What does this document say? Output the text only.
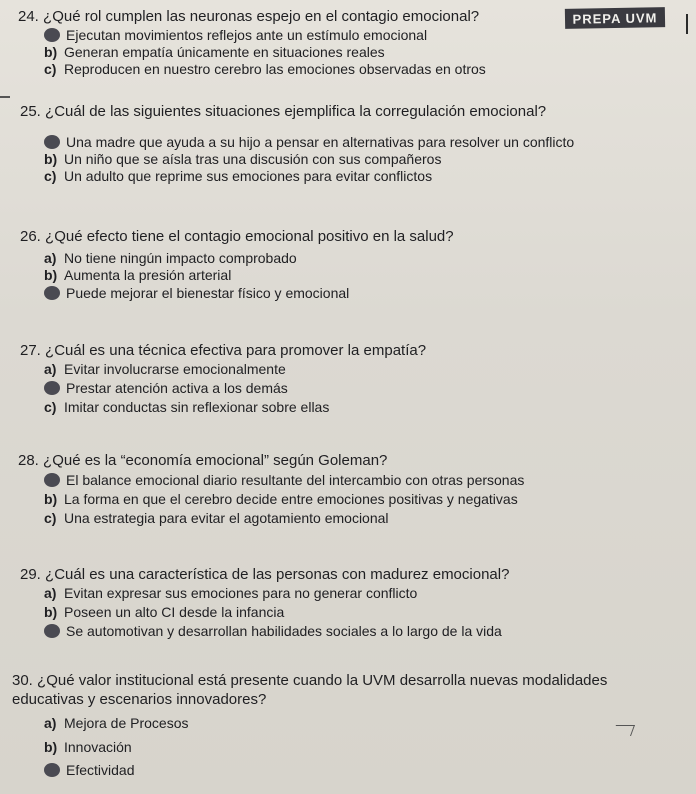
PREPA UVM
24. ¿Qué rol cumplen las neuronas espejo en el contagio emocional?
Ejecutan movimientos reflejos ante un estímulo emocional
b) Generan empatía únicamente en situaciones reales
c) Reproducen en nuestro cerebro las emociones observadas en otros
25. ¿Cuál de las siguientes situaciones ejemplifica la corregulación emocional?
Una madre que ayuda a su hijo a pensar en alternativas para resolver un conflicto
b) Un niño que se aísla tras una discusión con sus compañeros
c) Un adulto que reprime sus emociones para evitar conflictos
26. ¿Qué efecto tiene el contagio emocional positivo en la salud?
a) No tiene ningún impacto comprobado
b) Aumenta la presión arterial
Puede mejorar el bienestar físico y emocional
27. ¿Cuál es una técnica efectiva para promover la empatía?
a) Evitar involucrarse emocionalmente
Prestar atención activa a los demás
c) Imitar conductas sin reflexionar sobre ellas
28. ¿Qué es la “economía emocional” según Goleman?
El balance emocional diario resultante del intercambio con otras personas
b) La forma en que el cerebro decide entre emociones positivas y negativas
c) Una estrategia para evitar el agotamiento emocional
29. ¿Cuál es una característica de las personas con madurez emocional?
a) Evitan expresar sus emociones para no generar conflicto
b) Poseen un alto CI desde la infancia
Se automotivan y desarrollan habilidades sociales a lo largo de la vida
30. ¿Qué valor institucional está presente cuando la UVM desarrolla nuevas modalidades
educativas y escenarios innovadores?
a) Mejora de Procesos
b) Innovación
Efectividad
